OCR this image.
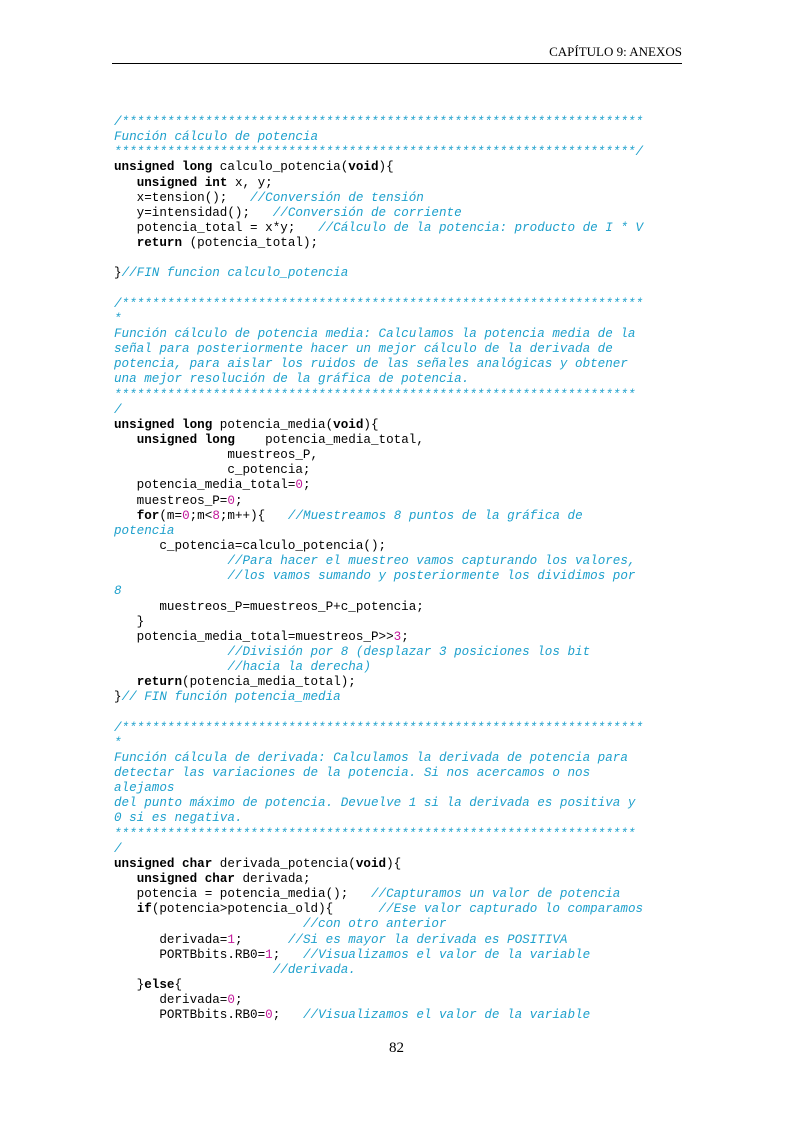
CAPÍTULO 9: ANEXOS
/*********************************************************************
Función cálculo de potencia
*********************************************************************/
unsigned long calculo_potencia(void){
unsigned int x, y;
x=tension();   //Conversión de tensión
y=intensidad();   //Conversión de corriente
potencia_total = x*y;   //Cálculo de la potencia: producto de I * V
return (potencia_total);
}//FIN funcion calculo_potencia
/*********************************************************************
*
Función cálculo de potencia media: Calculamos la potencia media de la
señal para posteriormente hacer un mejor cálculo de la derivada de
potencia, para aislar los ruidos de las señales analógicas y obtener
una mejor resolución de la gráfica de potencia.
*********************************************************************
/
unsigned long potencia_media(void){
unsigned long    potencia_media_total,
muestreos_P,
c_potencia;
potencia_media_total=0;
muestreos_P=0;
for(m=0;m<8;m++){   //Muestreamos 8 puntos de la gráfica de
potencia
c_potencia=calculo_potencia();
//Para hacer el muestreo vamos capturando los valores,
//los vamos sumando y posteriormente los dividimos por
8
muestreos_P=muestreos_P+c_potencia;
}
potencia_media_total=muestreos_P>>3;
//División por 8 (desplazar 3 posiciones los bit
//hacia la derecha)
return(potencia_media_total);
}// FIN función potencia_media
/*********************************************************************
*
Función cálcula de derivada: Calculamos la derivada de potencia para
detectar las variaciones de la potencia. Si nos acercamos o nos
alejamos
del punto máximo de potencia. Devuelve 1 si la derivada es positiva y
0 si es negativa.
*********************************************************************
/
unsigned char derivada_potencia(void){
unsigned char derivada;
potencia = potencia_media();   //Capturamos un valor de potencia
if(potencia>potencia_old){      //Ese valor capturado lo comparamos
//con otro anterior
derivada=1;      //Si es mayor la derivada es POSITIVA
PORTBbits.RB0=1;   //Visualizamos el valor de la variable
//derivada.
}else{
derivada=0;
PORTBbits.RB0=0;   //Visualizamos el valor de la variable
82
